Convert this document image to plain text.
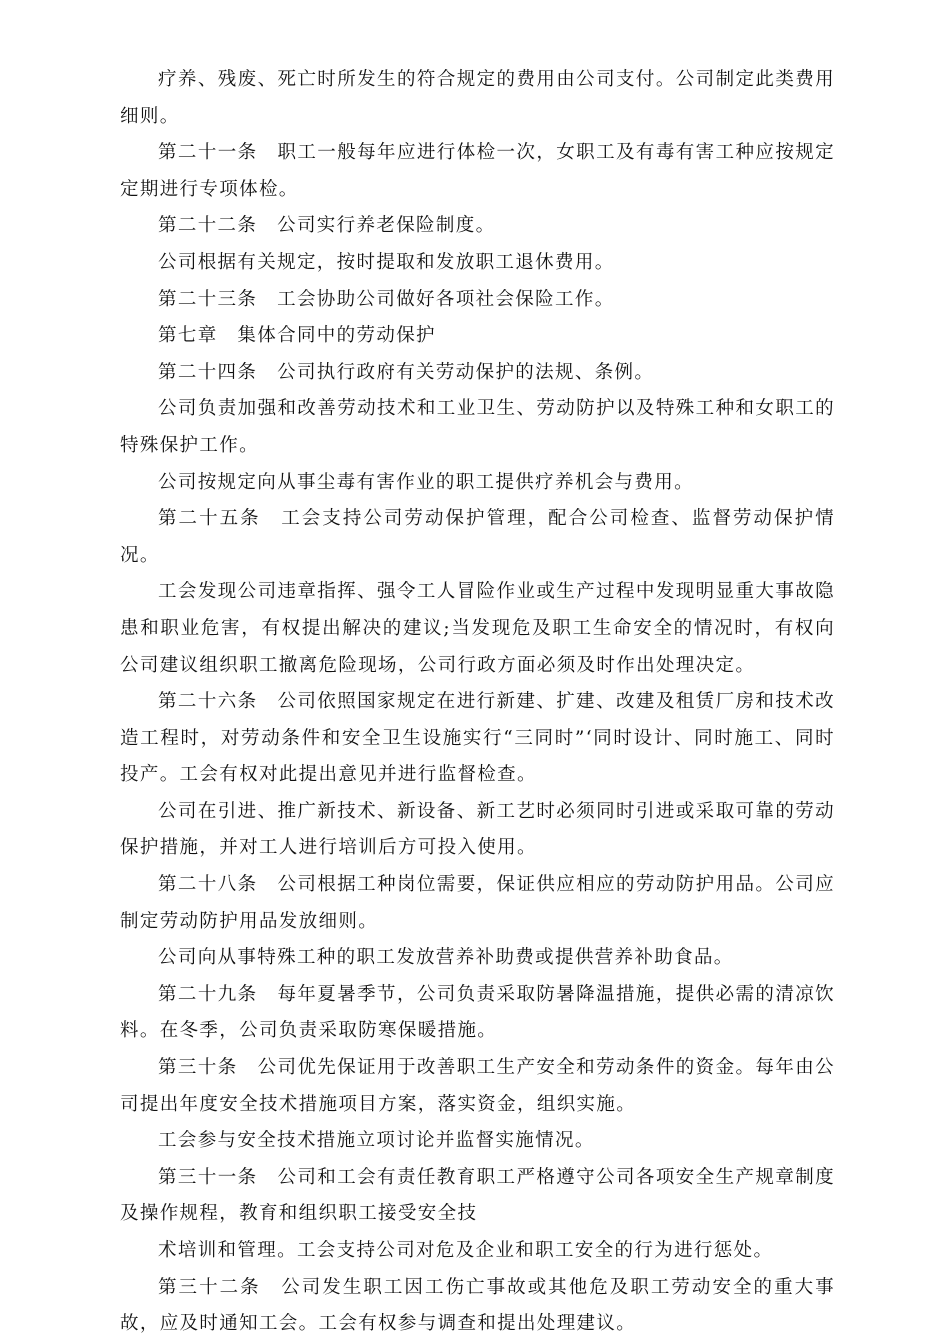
疗养、残废、死亡时所发生的符合规定的费用由公司支付。公司制定此类费用细则。

第二十一条　职工一般每年应进行体检一次，女职工及有毒有害工种应按规定定期进行专项体检。

第二十二条　公司实行养老保险制度。

公司根据有关规定，按时提取和发放职工退休费用。

第二十三条　工会协助公司做好各项社会保险工作。

第七章　集体合同中的劳动保护

第二十四条　公司执行政府有关劳动保护的法规、条例。

公司负责加强和改善劳动技术和工业卫生、劳动防护以及特殊工种和女职工的特殊保护工作。

公司按规定向从事尘毒有害作业的职工提供疗养机会与费用。

第二十五条　工会支持公司劳动保护管理，配合公司检查、监督劳动保护情况。

工会发现公司违章指挥、强令工人冒险作业或生产过程中发现明显重大事故隐患和职业危害，有权提出解决的建议;当发现危及职工生命安全的情况时，有权向公司建议组织职工撤离危险现场，公司行政方面必须及时作出处理决定。

第二十六条　公司依照国家规定在进行新建、扩建、改建及租赁厂房和技术改造工程时，对劳动条件和安全卫生设施实行“三同时”‘同时设计、同时施工、同时投产。工会有权对此提出意见并进行监督检查。

公司在引进、推广新技术、新设备、新工艺时必须同时引进或采取可靠的劳动保护措施，并对工人进行培训后方可投入使用。

第二十八条　公司根据工种岗位需要，保证供应相应的劳动防护用品。公司应制定劳动防护用品发放细则。

公司向从事特殊工种的职工发放营养补助费或提供营养补助食品。

第二十九条　每年夏暑季节，公司负责采取防暑降温措施，提供必需的清凉饮料。在冬季，公司负责采取防寒保暖措施。

第三十条　公司优先保证用于改善职工生产安全和劳动条件的资金。每年由公司提出年度安全技术措施项目方案，落实资金，组织实施。

工会参与安全技术措施立项讨论并监督实施情况。

第三十一条　公司和工会有责任教育职工严格遵守公司各项安全生产规章制度及操作规程，教育和组织职工接受安全技

术培训和管理。工会支持公司对危及企业和职工安全的行为进行惩处。

第三十二条　公司发生职工因工伤亡事故或其他危及职工劳动安全的重大事故，应及时通知工会。工会有权参与调查和提出处理建议。
